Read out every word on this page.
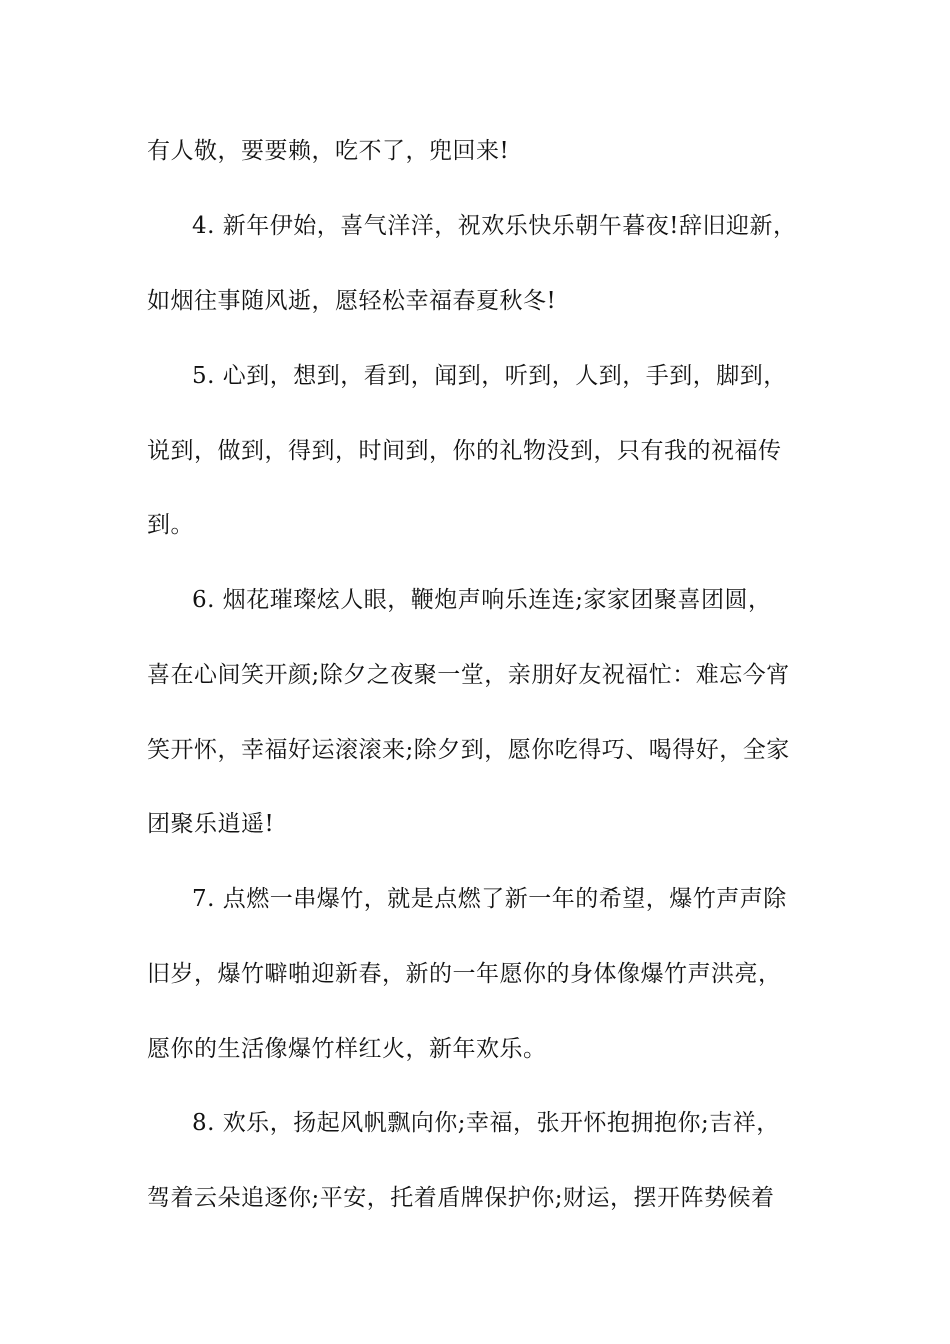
有人敬，要要赖，吃不了，兜回来!
4. 新年伊始，喜气洋洋，祝欢乐快乐朝午暮夜!辞旧迎新，
如烟往事随风逝，愿轻松幸福春夏秋冬!
5. 心到，想到，看到，闻到，听到，人到，手到，脚到，
说到，做到，得到，时间到，你的礼物没到，只有我的祝福传
到。
6. 烟花璀璨炫人眼，鞭炮声响乐连连;家家团聚喜团圆，
喜在心间笑开颜;除夕之夜聚一堂，亲朋好友祝福忙：难忘今宵
笑开怀，幸福好运滚滚来;除夕到，愿你吃得巧、喝得好，全家
团聚乐逍遥!
7. 点燃一串爆竹，就是点燃了新一年的希望，爆竹声声除
旧岁，爆竹噼啪迎新春，新的一年愿你的身体像爆竹声洪亮，
愿你的生活像爆竹样红火，新年欢乐。
8. 欢乐，扬起风帆飘向你;幸福，张开怀抱拥抱你;吉祥，
驾着云朵追逐你;平安，托着盾牌保护你;财运，摆开阵势候着
